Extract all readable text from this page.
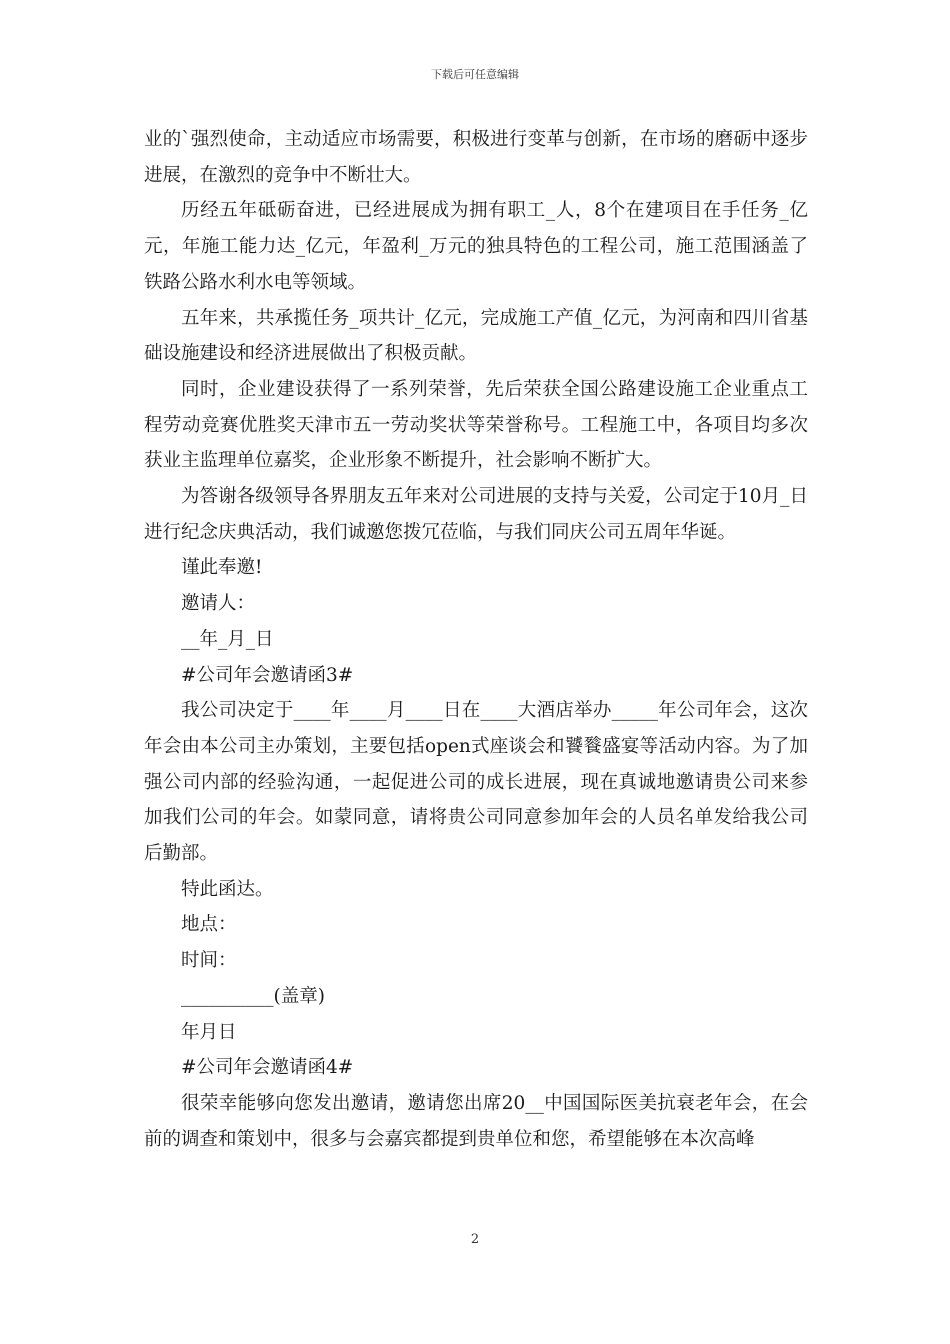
下载后可任意编辑

业的`强烈使命，主动适应市场需要，积极进行变革与创新，在市场的磨砺中逐步进展，在激烈的竞争中不断壮大。

历经五年砥砺奋进，已经进展成为拥有职工_人，8个在建项目在手任务_亿元，年施工能力达_亿元，年盈利_万元的独具特色的工程公司，施工范围涵盖了铁路公路水利水电等领域。

五年来，共承揽任务_项共计_亿元，完成施工产值_亿元，为河南和四川省基础设施建设和经济进展做出了积极贡献。

同时，企业建设获得了一系列荣誉，先后荣获全国公路建设施工企业重点工程劳动竞赛优胜奖天津市五一劳动奖状等荣誉称号。工程施工中，各项目均多次获业主监理单位嘉奖，企业形象不断提升，社会影响不断扩大。

为答谢各级领导各界朋友五年来对公司进展的支持与关爱，公司定于10月_日进行纪念庆典活动，我们诚邀您拨冗莅临，与我们同庆公司五周年华诞。

谨此奉邀!

邀请人：

__年_月_日

#公司年会邀请函3#

我公司决定于____年____月____日在____大酒店举办_____年公司年会，这次年会由本公司主办策划，主要包括open式座谈会和饕餮盛宴等活动内容。为了加强公司内部的经验沟通，一起促进公司的成长进展，现在真诚地邀请贵公司来参加我们公司的年会。如蒙同意，请将贵公司同意参加年会的人员名单发给我公司后勤部。

特此函达。

地点：

时间：

__________(盖章)

年月日

#公司年会邀请函4#

很荣幸能够向您发出邀请，邀请您出席20__中国国际医美抗衰老年会，在会前的调查和策划中，很多与会嘉宾都提到贵单位和您，希望能够在本次高峰

2
